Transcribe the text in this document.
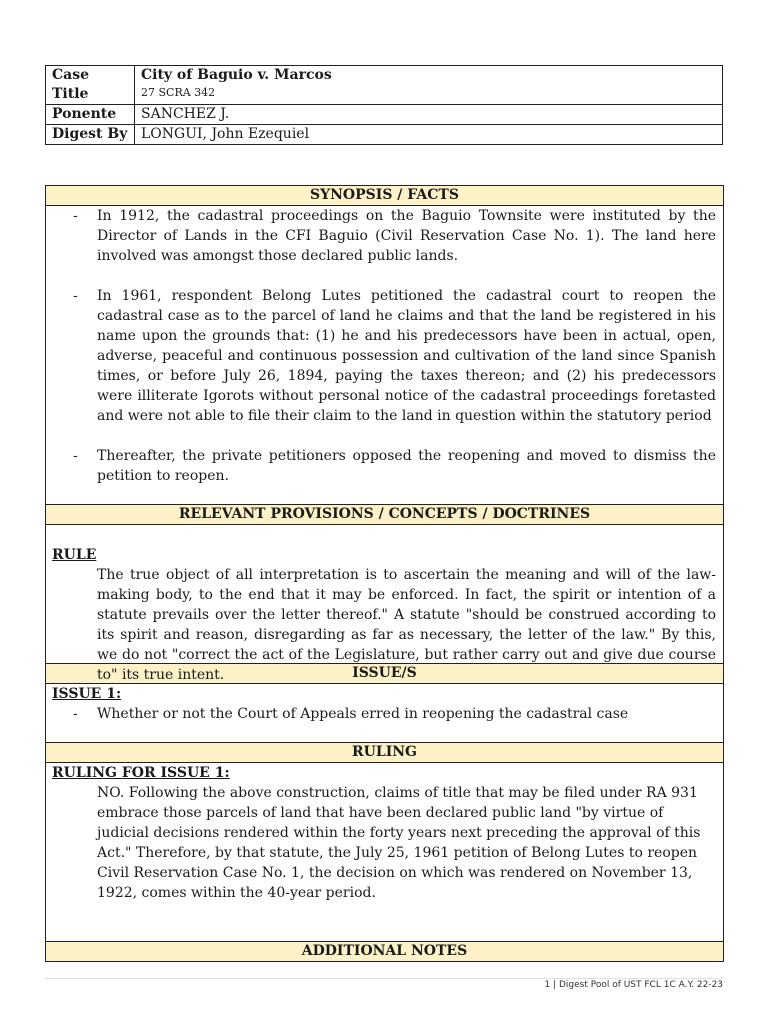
Case Title	City of Baguio v. Marcos
27 SCRA 342

Ponente	SANCHEZ J.
Digest By	LONGUI, John Ezequiel
SYNOPSIS / FACTS
- In 1912, the cadastral proceedings on the Baguio Townsite were instituted by the Director of Lands in the CFI Baguio (Civil Reservation Case No. 1). The land here involved was amongst those declared public lands.
- In 1961, respondent Belong Lutes petitioned the cadastral court to reopen the cadastral case as to the parcel of land he claims and that the land be registered in his name upon the grounds that: (1) he and his predecessors have been in actual, open, adverse, peaceful and continuous possession and cultivation of the land since Spanish times, or before July 26, 1894, paying the taxes thereon; and (2) his predecessors were illiterate Igorots without personal notice of the cadastral proceedings foretasted and were not able to file their claim to the land in question within the statutory period
- Thereafter, the private petitioners opposed the reopening and moved to dismiss the petition to reopen.
RELEVANT PROVISIONS / CONCEPTS / DOCTRINES
RULE
The true object of all interpretation is to ascertain the meaning and will of the law-making body, to the end that it may be enforced. In fact, the spirit or intention of a statute prevails over the letter thereof." A statute "should be construed according to its spirit and reason, disregarding as far as necessary, the letter of the law." By this, we do not "correct the act of the Legislature, but rather carry out and give due course to" its true intent.	ISSUE/S
ISSUE 1:
- Whether or not the Court of Appeals erred in reopening the cadastral case
RULING
RULING FOR ISSUE 1:
NO. Following the above construction, claims of title that may be filed under RA 931 embrace those parcels of land that have been declared public land "by virtue of judicial decisions rendered within the forty years next preceding the approval of this Act." Therefore, by that statute, the July 25, 1961 petition of Belong Lutes to reopen Civil Reservation Case No. 1, the decision on which was rendered on November 13, 1922, comes within the 40-year period.
ADDITIONAL NOTES
1 | Digest Pool of UST FCL 1C A.Y. 22-23
